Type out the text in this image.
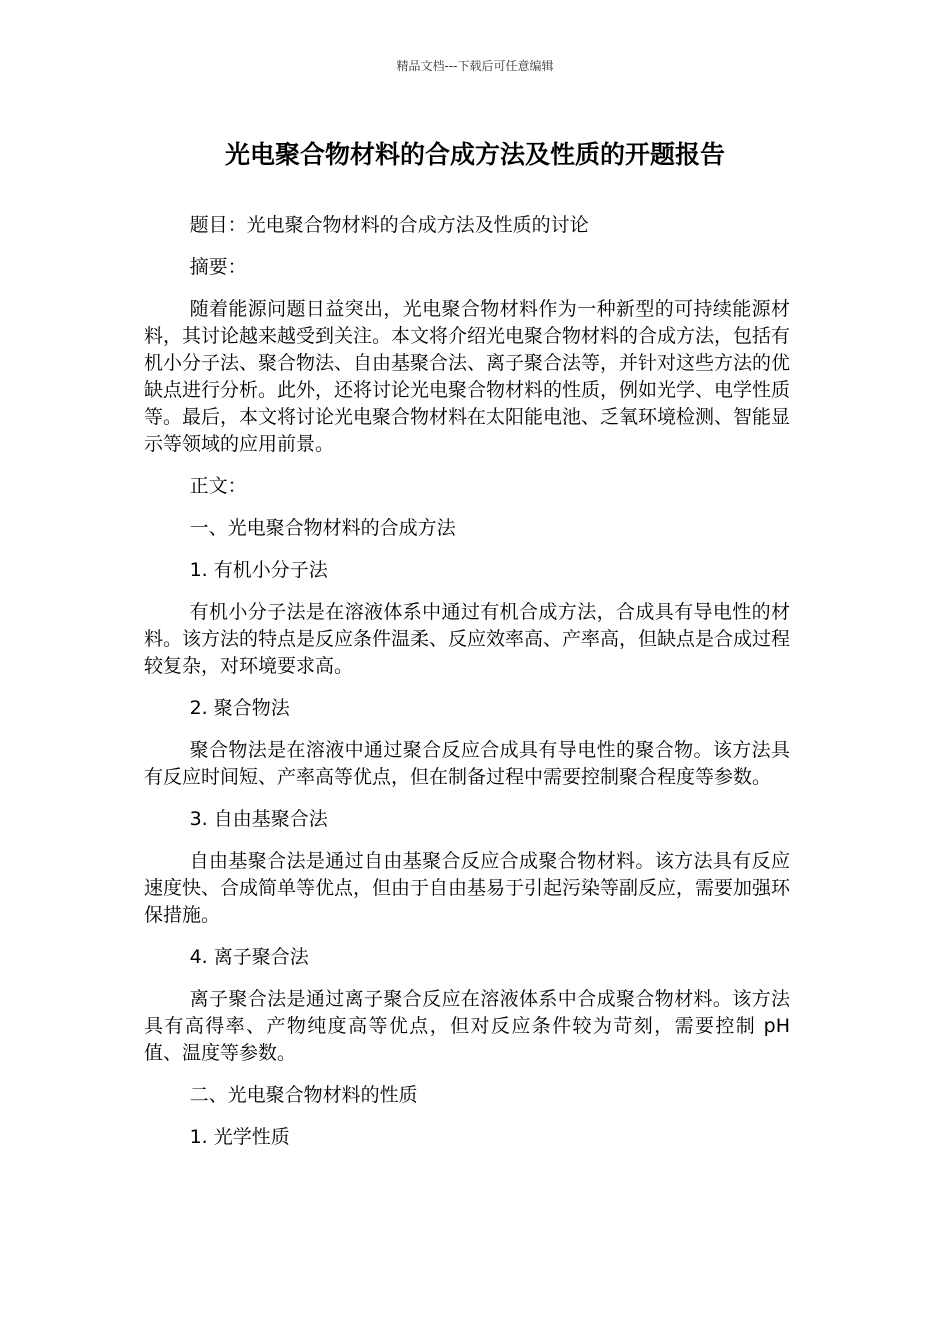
精品文档---下载后可任意编辑
光电聚合物材料的合成方法及性质的开题报告

题目：光电聚合物材料的合成方法及性质的讨论

摘要：

随着能源问题日益突出，光电聚合物材料作为一种新型的可持续能源材料，其讨论越来越受到关注。本文将介绍光电聚合物材料的合成方法，包括有机小分子法、聚合物法、自由基聚合法、离子聚合法等，并针对这些方法的优缺点进行分析。此外，还将讨论光电聚合物材料的性质，例如光学、电学性质等。最后，本文将讨论光电聚合物材料在太阳能电池、乏氧环境检测、智能显示等领域的应用前景。

正文：

一、光电聚合物材料的合成方法

1. 有机小分子法

有机小分子法是在溶液体系中通过有机合成方法，合成具有导电性的材料。该方法的特点是反应条件温柔、反应效率高、产率高，但缺点是合成过程较复杂，对环境要求高。

2. 聚合物法

聚合物法是在溶液中通过聚合反应合成具有导电性的聚合物。该方法具有反应时间短、产率高等优点，但在制备过程中需要控制聚合程度等参数。

3. 自由基聚合法

自由基聚合法是通过自由基聚合反应合成聚合物材料。该方法具有反应速度快、合成简单等优点，但由于自由基易于引起污染等副反应，需要加强环保措施。

4. 离子聚合法

离子聚合法是通过离子聚合反应在溶液体系中合成聚合物材料。该方法具有高得率、产物纯度高等优点，但对反应条件较为苛刻，需要控制 pH 值、温度等参数。

二、光电聚合物材料的性质

1. 光学性质
